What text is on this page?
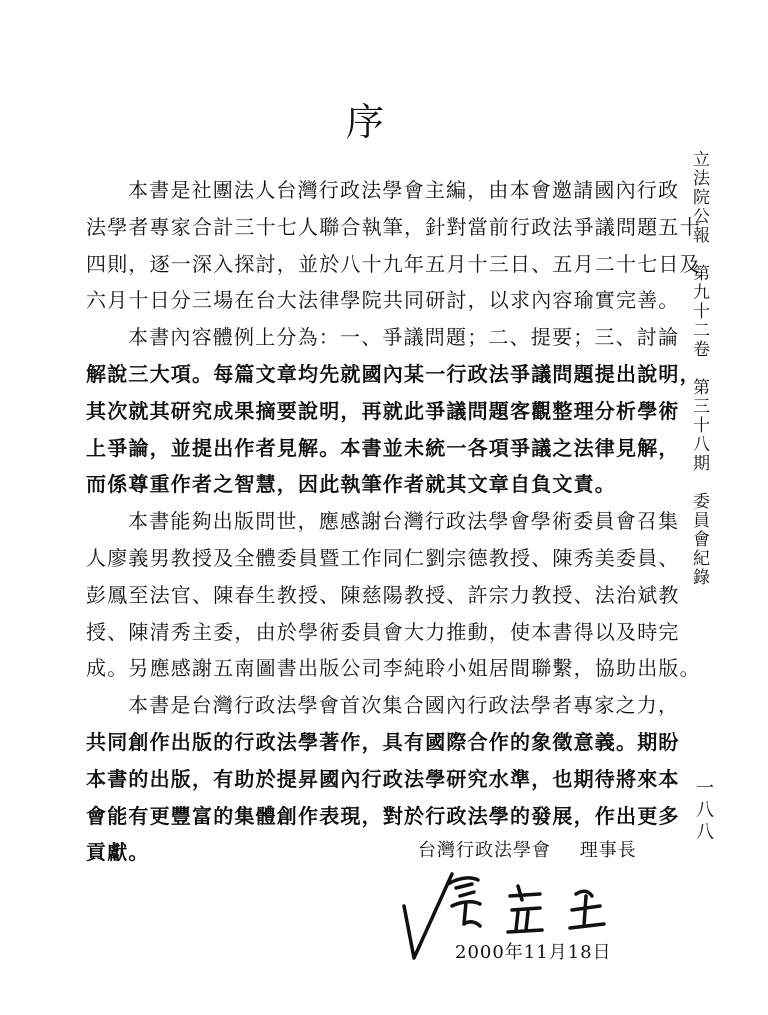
序
本書是社團法人台灣行政法學會主編，由本會邀請國內行政
法學者專家合計三十七人聯合執筆，針對當前行政法爭議問題五十
四則，逐一深入探討，並於八十九年五月十三日、五月二十七日及
六月十日分三場在台大法律學院共同研討，以求內容瑜實完善。
本書內容體例上分為：一、爭議問題；二、提要；三、討論
解說三大項。每篇文章均先就國內某一行政法爭議問題提出說明，
其次就其研究成果摘要說明，再就此爭議問題客觀整理分析學術
上爭論，並提出作者見解。本書並未統一各項爭議之法律見解，
而係尊重作者之智慧，因此執筆作者就其文章自負文責。
本書能夠出版問世，應感謝台灣行政法學會學術委員會召集
人廖義男教授及全體委員暨工作同仁劉宗德教授、陳秀美委員、
彭鳳至法官、陳春生教授、陳慈陽教授、許宗力教授、法治斌教
授、陳清秀主委，由於學術委員會大力推動，使本書得以及時完
成。另應感謝五南圖書出版公司李純聆小姐居間聯繫，協助出版。
本書是台灣行政法學會首次集合國內行政法學者專家之力，
共同創作出版的行政法學著作，具有國際合作的象徵意義。期盼
本書的出版，有助於提昇國內行政法學研究水準，也期待將來本
會能有更豐富的集體創作表現，對於行政法學的發展，作出更多
貢獻。	台灣行政法學會 理事長
2000年11月18日
立法院公報　第九十二卷　第三十八期　委員會紀錄
一八八
